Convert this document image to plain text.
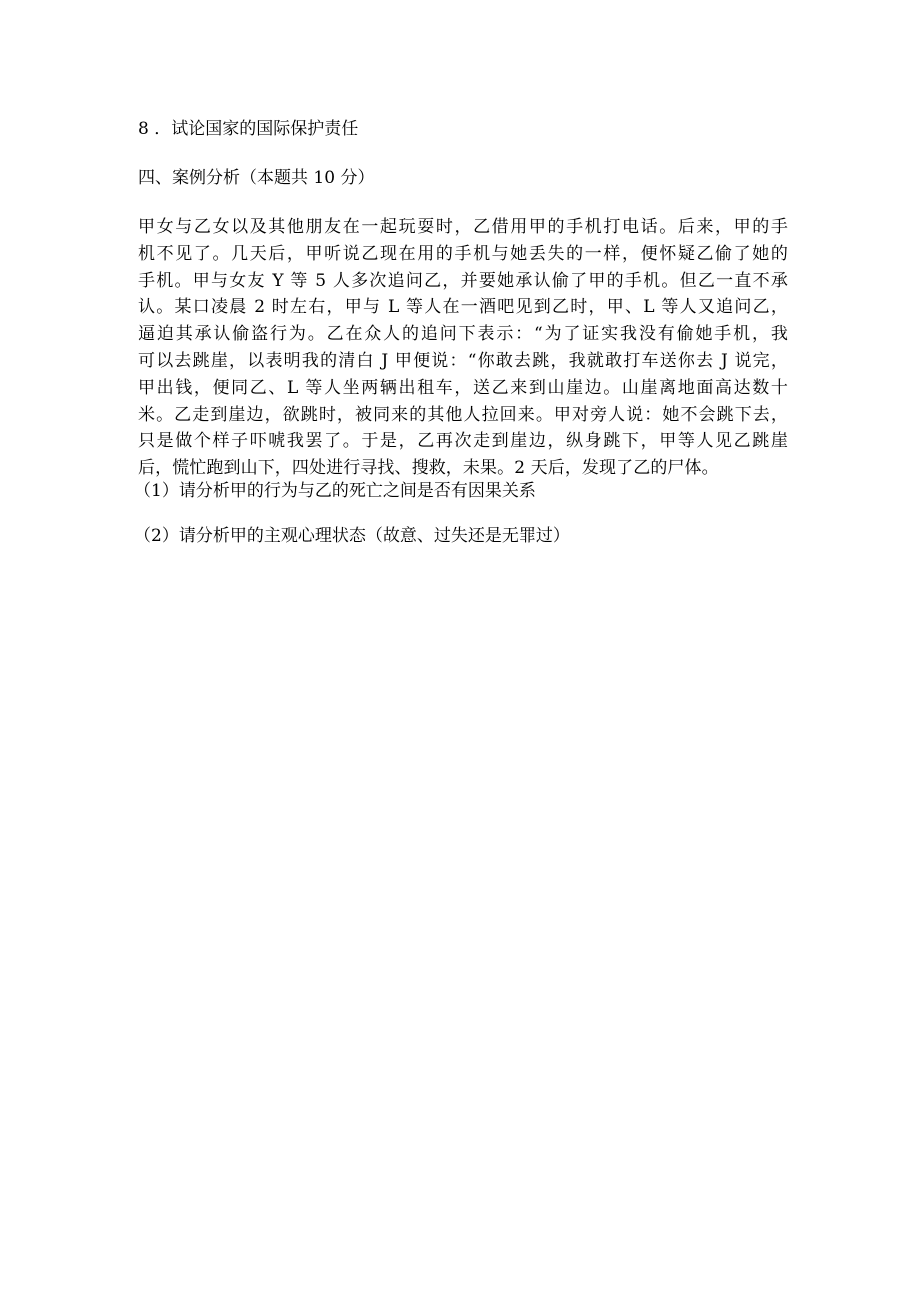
8 ．试论国家的国际保护责任
四、案例分析（本题共 10 分）
甲女与乙女以及其他朋友在一起玩耍时，乙借用甲的手机打电话。后来，甲的手
机不见了。几天后，甲听说乙现在用的手机与她丢失的一样，便怀疑乙偷了她的
手机。甲与女友 Y 等 5 人多次追问乙，并要她承认偷了甲的手机。但乙一直不承
认。某口凌晨 2 时左右，甲与 L 等人在一酒吧见到乙时，甲、L 等人又追问乙，
逼迫其承认偷盗行为。乙在众人的追问下表示：“为了证实我没有偷她手机，我
可以去跳崖，以表明我的清白 J 甲便说：“你敢去跳，我就敢打车送你去 J 说完，
甲出钱，便同乙、L 等人坐两辆出租车，送乙来到山崖边。山崖离地面高达数十
米。乙走到崖边，欲跳时，被同来的其他人拉回来。甲对旁人说：她不会跳下去，
只是做个样子吓唬我罢了。于是，乙再次走到崖边，纵身跳下，甲等人见乙跳崖
后，慌忙跑到山下，四处进行寻找、搜救，未果。2 天后，发现了乙的尸体。
（1）请分析甲的行为与乙的死亡之间是否有因果关系
（2）请分析甲的主观心理状态（故意、过失还是无罪过）
